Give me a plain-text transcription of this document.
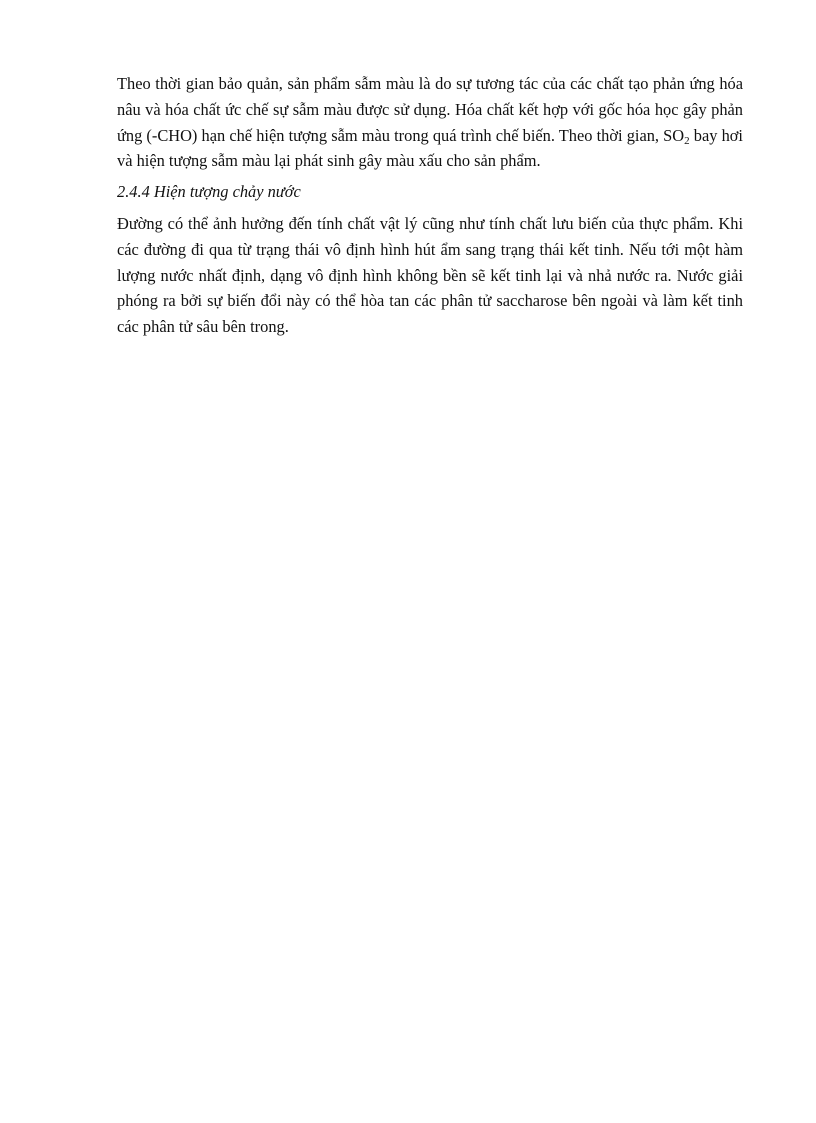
Theo thời gian bảo quản, sản phẩm sẫm màu là do sự tương tác của các chất tạo phản ứng hóa nâu và hóa chất ức chế sự sẫm màu được sử dụng. Hóa chất kết hợp với gốc hóa học gây phản ứng (-CHO) hạn chế hiện tượng sẫm màu trong quá trình chế biến. Theo thời gian, $SO_2$ bay hơi và hiện tượng sẫm màu lại phát sinh gây màu xấu cho sản phẩm.

2.4.4 Hiện tượng chảy nước

Đường có thể ảnh hưởng đến tính chất vật lý cũng như tính chất lưu biến của thực phẩm. Khi các đường đi qua từ trạng thái vô định hình hút ẩm sang trạng thái kết tinh. Nếu tới một hàm lượng nước nhất định, dạng vô định hình không bền sẽ kết tinh lại và nhả nước ra. Nước giải phóng ra bởi sự biến đổi này có thể hòa tan các phân tử saccharose bên ngoài và làm kết tinh các phân tử sâu bên trong.
